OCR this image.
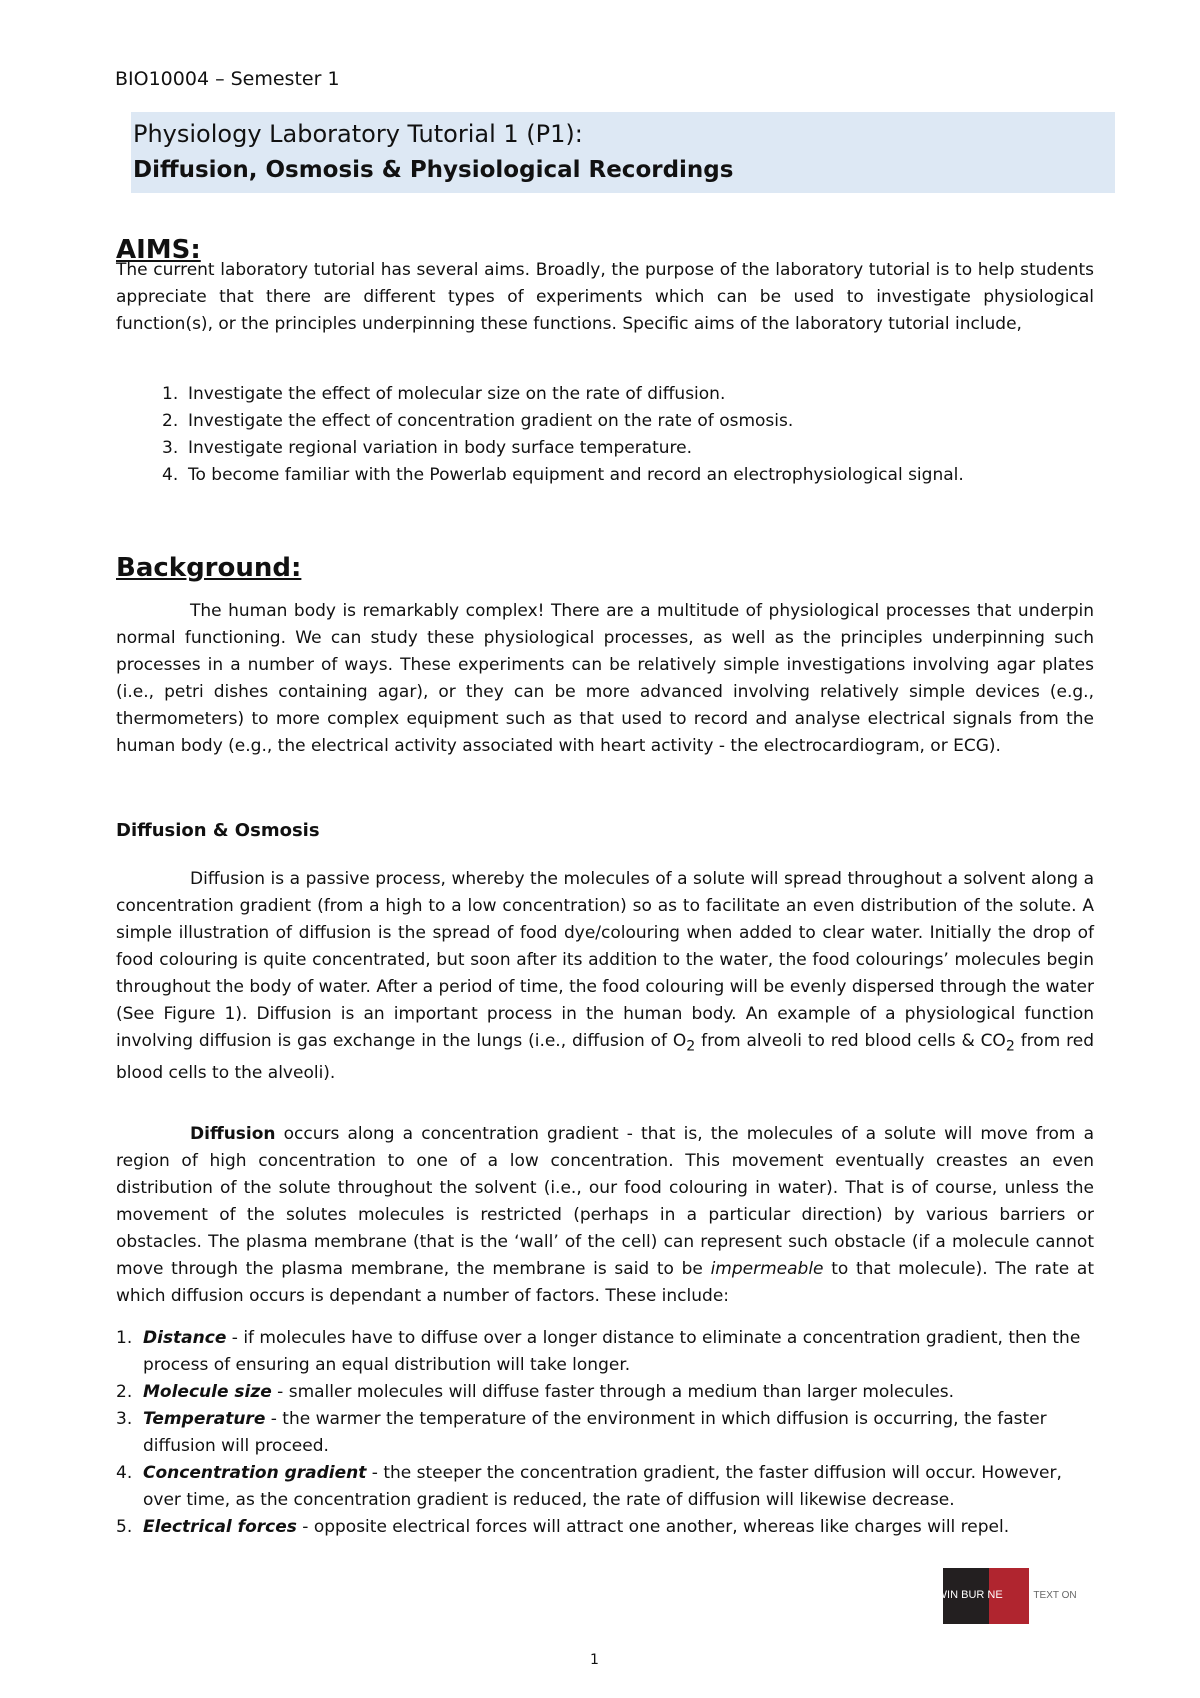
BIO10004 – Semester 1
Physiology Laboratory Tutorial 1 (P1):
Diffusion, Osmosis & Physiological Recordings
AIMS:

The current laboratory tutorial has several aims. Broadly, the purpose of the laboratory tutorial is to help students appreciate that there are different types of experiments which can be used to investigate physiological function(s), or the principles underpinning these functions. Specific aims of the laboratory tutorial include,

1. Investigate the effect of molecular size on the rate of diffusion.
2. Investigate the effect of concentration gradient on the rate of osmosis.
3. Investigate regional variation in body surface temperature.
4. To become familiar with the Powerlab equipment and record an electrophysiological signal.
Background:

The human body is remarkably complex! There are a multitude of physiological processes that underpin normal functioning. We can study these physiological processes, as well as the principles underpinning such processes in a number of ways. These experiments can be relatively simple investigations involving agar plates (i.e., petri dishes containing agar), or they can be more advanced involving relatively simple devices (e.g., thermometers) to more complex equipment such as that used to record and analyse electrical signals from the human body (e.g., the electrical activity associated with heart activity - the electrocardiogram, or ECG).

Diffusion & Osmosis

Diffusion is a passive process, whereby the molecules of a solute will spread throughout a solvent along a concentration gradient (from a high to a low concentration) so as to facilitate an even distribution of the solute. A simple illustration of diffusion is the spread of food dye/colouring when added to clear water. Initially the drop of food colouring is quite concentrated, but soon after its addition to the water, the food colourings’ molecules begin throughout the body of water. After a period of time, the food colouring will be evenly dispersed through the water (See Figure 1). Diffusion is an important process in the human body. An example of a physiological function involving diffusion is gas exchange in the lungs (i.e., diffusion of $O_2$ from alveoli to red blood cells & $CO_2$ from red blood cells to the alveoli).

Diffusion occurs along a concentration gradient - that is, the molecules of a solute will move from a region of high concentration to one of a low concentration. This movement eventually creastes an even distribution of the solute throughout the solvent (i.e., our food colouring in water). That is of course, unless the movement of the solutes molecules is restricted (perhaps in a particular direction) by various barriers or obstacles. The plasma membrane (that is the ‘wall’ of the cell) can represent such obstacle (if a molecule cannot move through the plasma membrane, the membrane is said to be impermeable to that molecule). The rate at which diffusion occurs is dependant a number of factors. These include:

1. Distance - if molecules have to diffuse over a longer distance to eliminate a concentration gradient, then the process of ensuring an equal distribution will take longer.
2. Molecule size - smaller molecules will diffuse faster through a medium than larger molecules.
3. Temperature - the warmer the temperature of the environment in which diffusion is occurring, the faster diffusion will proceed.
4. Concentration gradient - the steeper the concentration gradient, the faster diffusion will occur. However, over time, as the concentration gradient is reduced, the rate of diffusion will likewise decrease.
5. Electrical forces - opposite electrical forces will attract one another, whereas like charges will repel.
SWIN BUR NE	TEXT ON
1
